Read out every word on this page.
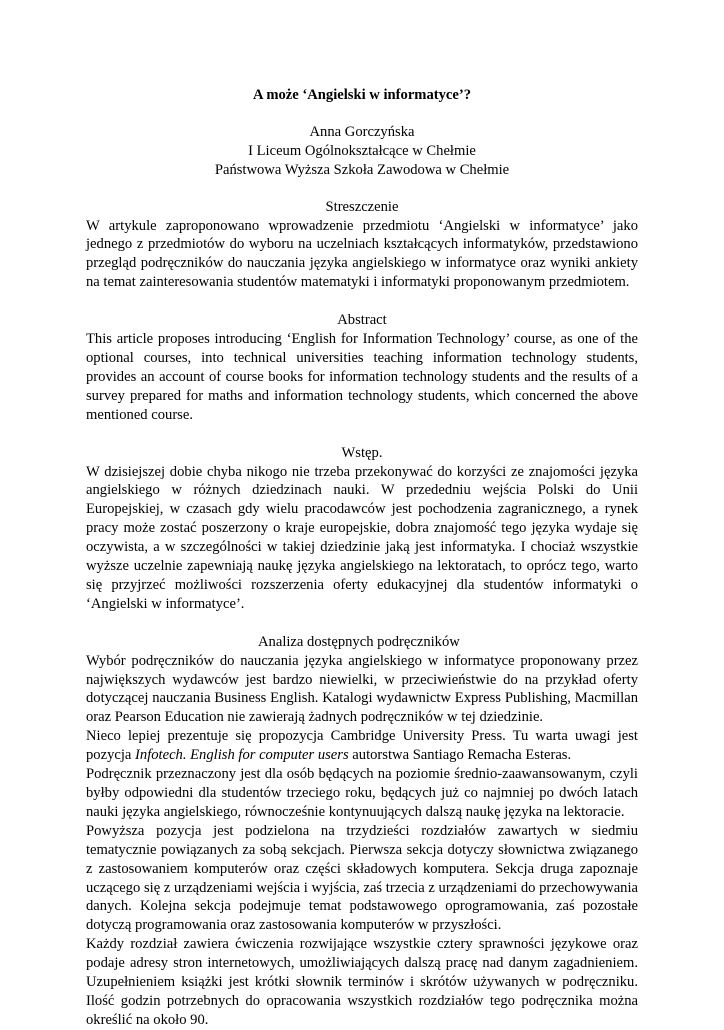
A może ‘Angielski w informatyce’?
Anna Gorczyńska
I Liceum Ogólnokształcące w Chełmie
Państwowa Wyższa Szkoła Zawodowa w Chełmie
Streszczenie

W artykule zaproponowano wprowadzenie przedmiotu ‘Angielski w informatyce’ jako jednego z przedmiotów do wyboru na uczelniach kształcących informatyków, przedstawiono przegląd podręczników do nauczania języka angielskiego w informatyce oraz wyniki ankiety na temat zainteresowania studentów matematyki i informatyki proponowanym przedmiotem.

Abstract

This article proposes introducing ‘English for Information Technology’ course, as one of the optional courses, into technical universities teaching information technology students, provides an account of course books for information technology students and the results of a survey prepared for maths and information technology students, which concerned the above mentioned course.

Wstęp.

W dzisiejszej dobie chyba nikogo nie trzeba przekonywać do korzyści ze znajomości języka angielskiego w różnych dziedzinach nauki. W przededniu wejścia Polski do Unii Europejskiej, w czasach gdy wielu pracodawców jest pochodzenia zagranicznego, a rynek pracy może zostać poszerzony o kraje europejskie, dobra znajomość tego języka wydaje się oczywista, a w szczególności w takiej dziedzinie jaką jest informatyka. I chociaż wszystkie wyższe uczelnie zapewniają naukę języka angielskiego na lektoratach, to oprócz tego, warto się przyjrzeć możliwości rozszerzenia oferty edukacyjnej dla studentów informatyki o ‘Angielski w informatyce’.

Analiza dostępnych podręczników

Wybór podręczników do nauczania języka angielskiego w informatyce proponowany przez największych wydawców jest bardzo niewielki, w przeciwieństwie do na przykład oferty dotyczącej nauczania Business English. Katalogi wydawnictw Express Publishing, Macmillan oraz Pearson Education nie zawierają żadnych podręczników w tej dziedzinie.

Nieco lepiej prezentuje się propozycja Cambridge University Press. Tu warta uwagi jest pozycja Infotech. English for computer users autorstwa Santiago Remacha Esteras.

Podręcznik przeznaczony jest dla osób będących na poziomie średnio-zaawansowanym, czyli byłby odpowiedni dla studentów trzeciego roku, będących już co najmniej po dwóch latach nauki języka angielskiego, równocześnie kontynuujących dalszą naukę języka na lektoracie.

Powyższa pozycja jest podzielona na trzydzieści rozdziałów zawartych w siedmiu tematycznie powiązanych za sobą sekcjach. Pierwsza sekcja dotyczy słownictwa związanego z zastosowaniem komputerów oraz części składowych komputera. Sekcja druga zapoznaje uczącego się z urządzeniami wejścia i wyjścia, zaś trzecia z urządzeniami do przechowywania danych. Kolejna sekcja podejmuje temat podstawowego oprogramowania, zaś pozostałe dotyczą programowania oraz zastosowania komputerów w przyszłości.

Każdy rozdział zawiera ćwiczenia rozwijające wszystkie cztery sprawności językowe oraz podaje adresy stron internetowych, umożliwiających dalszą pracę nad danym zagadnieniem. Uzupełnieniem książki jest krótki słownik terminów i skrótów używanych w podręczniku. Ilość godzin potrzebnych do opracowania wszystkich rozdziałów tego podręcznika można określić na około 90.
